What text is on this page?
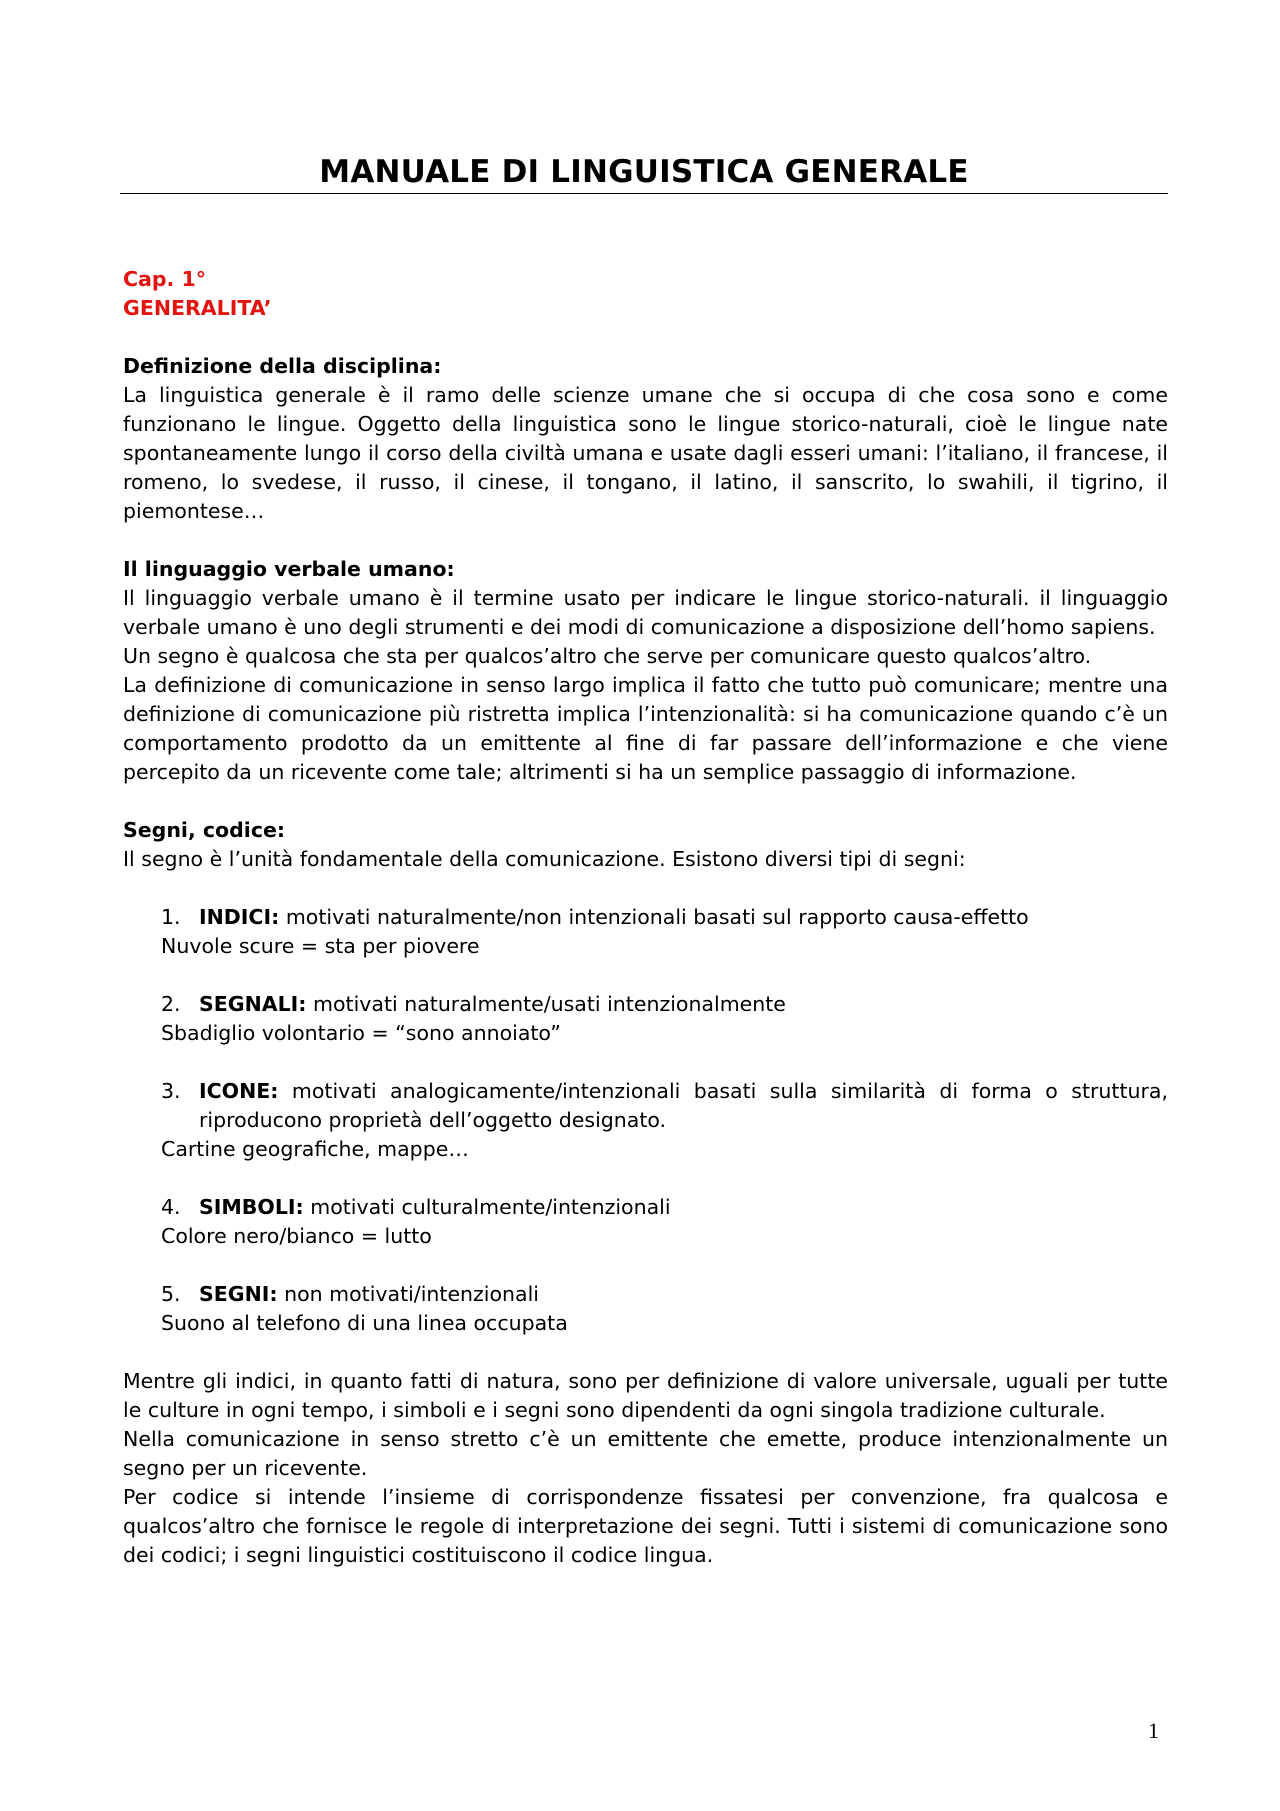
MANUALE DI LINGUISTICA GENERALE

Cap. 1°

GENERALITA’

Definizione della disciplina:

La linguistica generale è il ramo delle scienze umane che si occupa di che cosa sono e come funzionano le lingue. Oggetto della linguistica sono le lingue storico-naturali, cioè le lingue nate spontaneamente lungo il corso della civiltà umana e usate dagli esseri umani: l’italiano, il francese, il romeno, lo svedese, il russo, il cinese, il tongano, il latino, il sanscrito, lo swahili, il tigrino, il piemontese…

Il linguaggio verbale umano:

Il linguaggio verbale umano è il termine usato per indicare le lingue storico-naturali. il linguaggio verbale umano è uno degli strumenti e dei modi di comunicazione a disposizione dell’homo sapiens.

Un segno è qualcosa che sta per qualcos’altro che serve per comunicare questo qualcos’altro.

La definizione di comunicazione in senso largo implica il fatto che tutto può comunicare; mentre una definizione di comunicazione più ristretta implica l’intenzionalità: si ha comunicazione quando c’è un comportamento prodotto da un emittente al fine di far passare dell’informazione e che viene percepito da un ricevente come tale; altrimenti si ha un semplice passaggio di informazione.

Segni, codice:

Il segno è l’unità fondamentale della comunicazione. Esistono diversi tipi di segni:

1. INDICI: motivati naturalmente/non intenzionali basati sul rapporto causa-effetto

Nuvole scure = sta per piovere

2. SEGNALI: motivati naturalmente/usati intenzionalmente

Sbadiglio volontario = “sono annoiato”

3. ICONE: motivati analogicamente/intenzionali basati sulla similarità di forma o struttura, riproducono proprietà dell’oggetto designato.

Cartine geografiche, mappe…

4. SIMBOLI: motivati culturalmente/intenzionali

Colore nero/bianco = lutto

5. SEGNI: non motivati/intenzionali

Suono al telefono di una linea occupata

Mentre gli indici, in quanto fatti di natura, sono per definizione di valore universale, uguali per tutte le culture in ogni tempo, i simboli e i segni sono dipendenti da ogni singola tradizione culturale.

Nella comunicazione in senso stretto c’è un emittente che emette, produce intenzionalmente un segno per un ricevente.

Per codice si intende l’insieme di corrispondenze fissatesi per convenzione, fra qualcosa e qualcos’altro che fornisce le regole di interpretazione dei segni. Tutti i sistemi di comunicazione sono dei codici; i segni linguistici costituiscono il codice lingua.

1
